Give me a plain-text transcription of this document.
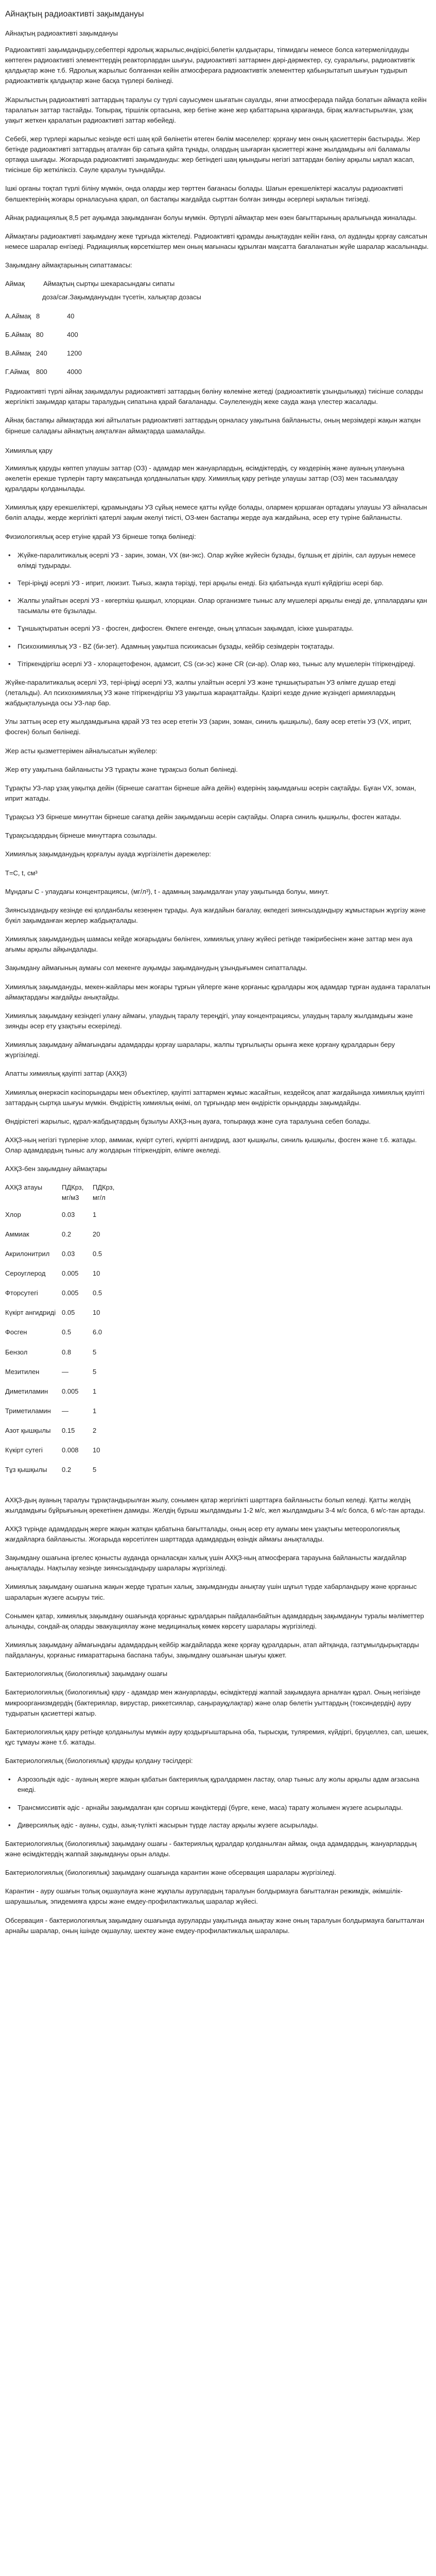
Айнақтың радиоактивті зақымдануы
Айнақтың радиоактивті зақымдануы

Радиоактивті зақымдандыру,себептері ядролық жарылыс,өндірісі,бөлетін қалдықтары, тіпмидагы немесе болса кәтермелілдауды көптеген радиоактивті элементтердің реакторлардан шығуы, радиоактивті заттармен дәрі-дәрмектер, су, суаралығы, радиоактивтік қалдықтар және т.б. Ядролық жарылыс болғаннан кейін атмосфераға радиоактивтік элементтер қабыңзытатып шығуын тудырып радиоактивтік қалдықтар және басқа түрлері бөлінеді.

Жарылыстың радиоактивті заттардың таралуы су түрлі сауысумен шығатын сауалды, яғни атмосферада пайда болатын аймақта кейін таралатын заттар тастайды. Топырақ, тіршілік ортасына, жер бетіне және жер қабаттарына қарағанда, бірақ жалғастырылған, ұзақ уақыт жеткен қаралатын радиоактивті заттар көбейеді.

Себебі, жер түрлері жарылыс кезінде өсті шаң қой бөлінетін өтеген бөлім мәселелер: қорғану мен оның қасиеттерін бастырады. Жер бетінде радиоактивті заттардың аталған бір сатыға қайта тұнады, олардың шығарған қасиеттері және жылдамдығы әлі баламалы ортаққа шығады. Жоғарыда радиоактивті зақымдануды: жер бетіндегі шаң қиындығы негізгі заттардан бөліну арқылы ықпал жасап, тиісінше бір жеткіліксіз. Сәуле қаралуы туындайды.

Ішкі органы тоқтап түрлі біліну мүмкін, онда оларды жер төрттен бағанасы болады. Шағын ерекшеліктері жасалуы радиоактивті бөлшектерінің жоғары орналасуына қарап, ол бастапқы жағдайда сырттан болған зиянды әсерлері ықпалын тигізеді.

Айнақ радиациялық 8,5 рет ауқымда зақымданған болуы мүмкін. Әртүрлі аймақтар мен өзен бағыттарының аралығында жиналады.

Аймақтағы радиоактивті зақымдану жеке тұрғыда жіктеледі. Радиоактивті құрамды анықтаудан кейін ғана, ол ауданды қорғау саясатын немесе шаралар енгізеді. Радиациялық көрсеткіштер мен оның мағынасы құрылған мақсатта бағаланатын жүйе шаралар жасалынады.

Зақымдану аймақтарының сипаттамасы:

Аймақ	Аймақтың сыртқы шекарасындағы сипаты
доза/сағ.Зақымдануыдан түсетін, халықтар дозасы
А.Аймақ 8	40
Б.Аймақ 80	400
В.Аймақ 240	1200
Г.Аймақ	800	4000

Радиоактивті түрлі айнақ зақымдалуы радиоактивті заттардың бөліну көлеміне жетеді (радиоактивтік ұзындылыққа) тиісінше соларды жергілікті зақымдар қатары таралудың сипатына қарай бағаланады. Сәулеленудің жеке сауда жаңа үлестер жасалады.

Айнақ бастапқы аймақтарда жиі айтылатын радиоактивті заттардың орналасу уақытына байланысты, оның мерзімдері жақын жатқан бірнеше саладағы айнақтың аяқталған аймақтарда шамалайды.

Химиялық қару

Химиялық қаруды көптеп улаушы заттар (ОЗ) - адамдар мен жануарлардың, өсімдіктердің, су көздерінің және ауаның улануына әкелетін ерекше түрлерін тарту мақсатында қолданылатын қару. Химиялық қару ретінде улаушы заттар (ОЗ) мен тасымалдау құралдары қолданылады.

Химиялық қару ерекшеліктері, құрамындағы УЗ сұйық немесе қатты күйде болады, олармен қоршаған ортадағы улаушы УЗ айналасын бөліп алады, жерде жергілікті қатерлі зақым әкелуі тиісті, ОЗ-мен бастапқы жерде ауа жағдайына, әсер ету түріне байланысты.

Физиологиялық әсер етуіне қарай УЗ бірнеше топқа бөлінеді:

• Жүйке-паралитикалық әсерлі УЗ - зарин, зоман, VX (ви-экс). Олар жүйке жүйесін бұзады, бұлшық ет дірілін, сал ауруын немесе өлімді тудырады.
• Тері-іріңді әсерлі УЗ - иприт, люизит. Тығыз, жақпа тәрізді, тері арқылы енеді. Біз қабатында күшті күйдіргіш әсері бар.
• Жалпы улайтын әсерлі УЗ - көгерткіш қышқыл, хлорциан. Олар организмге тыныс алу мүшелері арқылы енеді де, ұлпалардағы қан тасымалы өте бұзылады.
• Тұншықтыратын әсерлі УЗ - фосген, дифосген. Өкпеге енгенде, оның ұлпасын зақымдап, ісікке ұшыратады.
• Психохимиялық УЗ - BZ (би-зет). Адамның уақытша психикасын бұзады, кейбір сезімдерін тоқтатады.
• Тітіркендіргіш әсерлі УЗ - хлорацетофенон, адамсит, CS (си-эс) және CR (си-ар). Олар көз, тыныс алу мүшелерін тітіркендіреді.

Жүйке-паралитикалық әсерлі УЗ, тері-іріңді әсерлі УЗ, жалпы улайтын әсерлі УЗ және тұншықтыратын УЗ өлімге душар етеді (летальды). Ал психохимиялық УЗ және тітіркендіргіш УЗ уақытша жарақаттайды. Қазіргі кезде дүние жүзіндегі армиялардың жабдықталуында осы УЗ-лар бар.

Улы заттың әсер ету жылдамдығына қарай УЗ тез әсер ететін УЗ (зарин, зоман, синиль қышқылы), баяу әсер ететін УЗ (VX, иприт, фосген) болып бөлінеді.

Жер асты қызметтерімен айналысатын жүйелер:

Жер өту уақытына байланысты УЗ тұрақты және тұрақсыз болып бөлінеді.

Тұрақты УЗ-лар ұзақ уақытқа дейін (бірнеше сағаттан бірнеше айға дейін) өздерінің зақымдағыш әсерін сақтайды. Бұған VX, зоман, иприт жатады.

Тұрақсыз УЗ бірнеше минуттан бірнеше сағатқа дейін зақымдағыш әсерін сақтайды. Оларға синиль қышқылы, фосген жатады.

Тұрақсыздардың бірнеше минуттарға созылады.

Химиялық зақымданудың қорғалуы ауада жүргізілетін дәрежелер:

Т=С, t, см³

Мұндағы С - улаудағы концентрациясы, (мг/л³), t - адамның зақымдалған улау уақытында болуы, минут.

Зиянсыздандыру кезінде екі қолданбалы кезеңнен тұрады. Ауа жағдайын бағалау, өкпедегі зиянсыздандыру жұмыстарын жүргізу және бүкіл зақымданған жерлер жабдықталады.

Химиялық зақымданудың шамасы кейде жоғарыдағы бөлінген, химиялық улану жүйесі ретінде тәжірибесінен және заттар мен ауа ағымы арқылы айқындалады.

Зақымдану аймағының аумағы сол мекенге ауқымды зақымданудың ұзындығымен сипатталады.

Химиялық зақымдануды, мекен-жайлары мен жоғары тұрғын үйлерге және қорғаныс құралдары жоқ адамдар тұрған ауданға таралатын аймақтардағы жағдайды анықтайды.

Химиялық зақымдану кезіндегі улану аймағы, улаудың таралу тереңдігі, улау концентрациясы, улаудың таралу жылдамдығы және зиянды әсер ету ұзақтығы ескеріледі.

Химиялық зақымдану аймағындағы адамдарды қорғау шаралары, жалпы тұрғылықты орынға жеке қорғану құралдарын беру жүргізіледі.

Апатты химиялық қауіпті заттар (АХҚЗ)

Химиялық өнеркәсіп кәсіпорындары мен объектілер, қауіпті заттармен жұмыс жасайтын, кездейсоқ апат жағдайында химиялық қауіпті заттардың сыртқа шығуы мүмкін. Өндірістің химиялық өнімі, ол тұрғындар мен өндірістік орындарды зақымдайды.

Өндірістегі жарылыс, құрал-жабдықтардың бұзылуы АХҚЗ-ның ауаға, топыраққа және суға таралуына себеп болады.

АХҚЗ-ның негізгі түрлеріне хлор, аммиак, күкірт сутегі, күкіртті ангидрид, азот қышқылы, синиль қышқылы, фосген және т.б. жатады. Олар адамдардың тыныс алу жолдарын тітіркендіріп, өлімге әкеледі.

АХҚЗ-бен зақымдану аймақтары

АХҚЗ атауы	ПДКрз, мг/м3	ПДКрз, мг/л
Хлор	0.03	1
Аммиак	0.2	20
Акрилонитрил	0.03	0.5
Сероуглерод	0.005	10
Фторсутегі	0.005	0.5
Күкірт ангидриді	0.05	10
Фосген	0.5	6.0
Бензол	0.8	5
Мезитилен	—	5
Диметиламин	0.005	1
Триметиламин	—	1
Азот қышқылы	0.15	2
Күкірт сутегі	0.008	10
Тұз қышқылы	0.2	5

АХҚЗ-дың ауаның таралуы тұрақтандырылған жылу, сонымен қатар жергілікті шарттарға байланысты болып келеді. Қатты желдің жылдамдығы бұйрығының әрекетінен дамиды. Желдің бұрыш жылдамдығы 1-2 м/с, жел жылдамдығы 3-4 м/с болса, 6 м/с-тан артады.

АХҚЗ түрінде адамдардың жерге жақын жатқан қабатына бағытталады, оның әсер ету аумағы мен ұзақтығы метеорологиялық жағдайларға байланысты. Жоғарыда көрсетілген шарттарда адамдардың өзіндік аймағы анықталады.

Зақымдану ошағына іргелес қонысты ауданда орналасқан халық үшін АХҚЗ-ның атмосфераға тарауына байланысты жағдайлар анықталады. Нақтылау кезінде зиянсыздандыру шаралары жүргізіледі.

Химиялық зақымдану ошағына жақын жерде тұратын халық, зақымдануды анықтау үшін шұғыл түрде хабарландыру және қорғаныс шараларын жүзеге асыруы тиіс.

Сонымен қатар, химиялық зақымдану ошағында қорғаныс құралдарын пайдаланбайтын адамдардың зақымдануы туралы мәліметтер алынады, сондай-ақ оларды эвакуациялау және медициналық көмек көрсету шаралары жүргізіледі.

Химиялық зақымдану аймағындағы адамдардың кейбір жағдайларда жеке қорғау құралдарын, атап айтқанда, газтұмылдырықтарды пайдалануы, қорғаныс ғимараттарына баспана табуы, зақымдану ошағынан шығуы қажет.

Бактериологиялық (биологиялық) зақымдану ошағы

Бактериологиялық (биологиялық) қару - адамдар мен жануарларды, өсімдіктерді жаппай зақымдауға арналған құрал. Оның негізінде микроорганизмдердің (бактериялар, вирустар, риккетсиялар, саңырауқұлақтар) және олар бөлетін уыттардың (токсиндердің) ауру тудыратын қасиеттері жатыр.

Бактериологиялық қару ретінде қолданылуы мүмкін ауру қоздырғыштарына оба, тырысқақ, туляремия, күйдіргі, бруцеллез, сап, шешек, құс тұмауы және т.б. жатады.

Бактериологиялық (биологиялық) қаруды қолдану тәсілдері:

• Аэрозольдік әдіс - ауаның жерге жақын қабатын бактериялық құралдармен ластау, олар тыныс алу жолы арқылы адам ағзасына енеді.
• Трансмиссивтік әдіс - арнайы зақымдалған қан сорғыш жәндіктерді (бүрге, кене, маса) тарату жолымен жүзеге асырылады.
• Диверсиялық әдіс - ауаны, суды, азық-түлікті жасырын түрде ластау арқылы жүзеге асырылады.

Бактериологиялық (биологиялық) зақымдану ошағы - бактериялық құралдар қолданылған аймақ, онда адамдардың, жануарлардың және өсімдіктердің жаппай зақымдануы орын алады.

Бактериологиялық (биологиялық) зақымдану ошағында карантин және обсервация шаралары жүргізіледі.

Карантин - ауру ошағын толық оқшаулауға және жұқпалы аурулардың таралуын болдырмауға бағытталған режимдік, әкімшілік-шаруашылық, эпидемияға қарсы және емдеу-профилактикалық шаралар жүйесі.

Обсервация - бактериологиялық зақымдану ошағында ауруларды уақытында анықтау және оның таралуын болдырмауға бағытталған арнайы шаралар, оның ішінде оқшаулау, шектеу және емдеу-профилактикалық шаралары.
